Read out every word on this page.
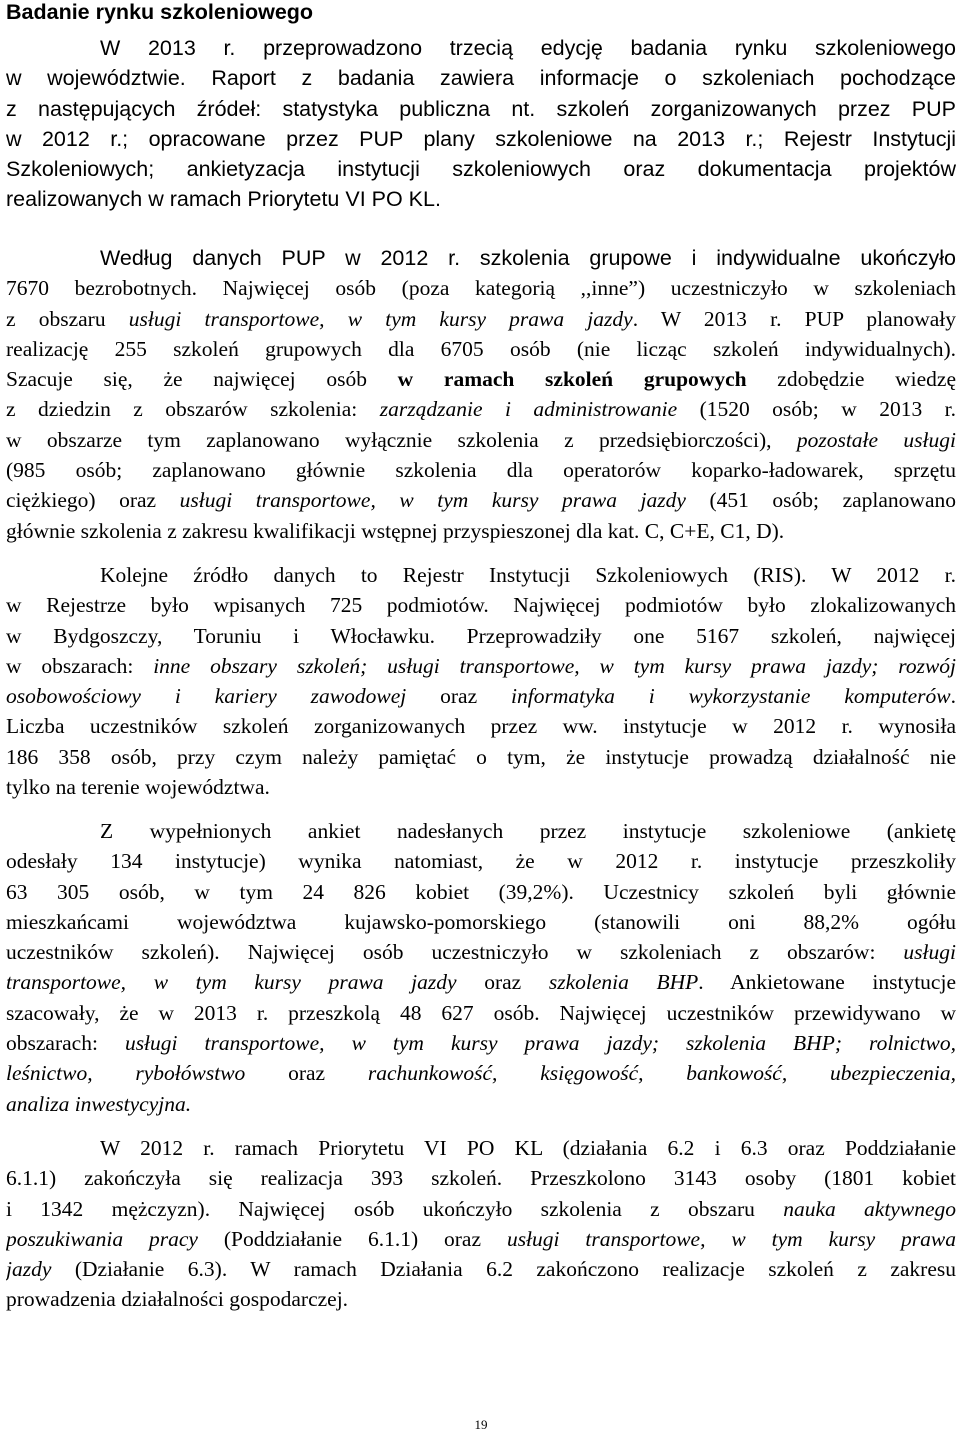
Badanie rynku szkoleniowego
W 2013 r. przeprowadzono trzecią edycję badania rynku szkoleniowego
w województwie. Raport z badania zawiera informacje o szkoleniach pochodzące
z następujących źródeł: statystyka publiczna nt. szkoleń zorganizowanych przez PUP
w 2012 r.; opracowane przez PUP plany szkoleniowe na 2013 r.; Rejestr Instytucji
Szkoleniowych; ankietyzacja instytucji szkoleniowych oraz dokumentacja projektów
realizowanych w ramach Priorytetu VI PO KL.
Według danych PUP w 2012 r. szkolenia grupowe i indywidualne ukończyło
7670 bezrobotnych. Najwięcej osób (poza kategorią ,,inne”) uczestniczyło w szkoleniach
z obszaru usługi transportowe, w tym kursy prawa jazdy. W 2013 r. PUP planowały
realizację 255 szkoleń grupowych dla 6705 osób (nie licząc szkoleń indywidualnych).
Szacuje się, że najwięcej osób w ramach szkoleń grupowych zdobędzie wiedzę
z dziedzin z obszarów szkolenia: zarządzanie i administrowanie (1520 osób; w 2013 r.
w obszarze tym zaplanowano wyłącznie szkolenia z przedsiębiorczości), pozostałe usługi
(985 osób; zaplanowano głównie szkolenia dla operatorów koparko-ładowarek, sprzętu
ciężkiego) oraz usługi transportowe, w tym kursy prawa jazdy (451 osób; zaplanowano
głównie szkolenia z zakresu kwalifikacji wstępnej przyspieszonej dla kat. C, C+E, C1, D).
Kolejne źródło danych to Rejestr Instytucji Szkoleniowych (RIS). W 2012 r.
w Rejestrze było wpisanych 725 podmiotów. Najwięcej podmiotów było zlokalizowanych
w Bydgoszczy, Toruniu i Włocławku. Przeprowadziły one 5167 szkoleń, najwięcej
w obszarach: inne obszary szkoleń; usługi transportowe, w tym kursy prawa jazdy; rozwój
osobowościowy i kariery zawodowej oraz informatyka i wykorzystanie komputerów.
Liczba uczestników szkoleń zorganizowanych przez ww. instytucje w 2012 r. wynosiła
186 358 osób, przy czym należy pamiętać o tym, że instytucje prowadzą działalność nie
tylko na terenie województwa.
Z wypełnionych ankiet nadesłanych przez instytucje szkoleniowe (ankietę
odesłały 134 instytucje) wynika natomiast, że w 2012 r. instytucje przeszkoliły
63 305 osób, w tym 24 826 kobiet (39,2%). Uczestnicy szkoleń byli głównie
mieszkańcami województwa kujawsko-pomorskiego (stanowili oni 88,2% ogółu
uczestników szkoleń). Najwięcej osób uczestniczyło w szkoleniach z obszarów: usługi
transportowe, w tym kursy prawa jazdy oraz szkolenia BHP. Ankietowane instytucje
szacowały, że w 2013 r. przeszkolą 48 627 osób. Najwięcej uczestników przewidywano w
obszarach: usługi transportowe, w tym kursy prawa jazdy; szkolenia BHP; rolnictwo,
leśnictwo, rybołówstwo oraz rachunkowość, księgowość, bankowość, ubezpieczenia,
analiza inwestycyjna.
W 2012 r. ramach Priorytetu VI PO KL (działania 6.2 i 6.3 oraz Poddziałanie
6.1.1) zakończyła się realizacja 393 szkoleń. Przeszkolono 3143 osoby (1801 kobiet
i 1342 mężczyzn). Najwięcej osób ukończyło szkolenia z obszaru nauka aktywnego
poszukiwania pracy (Poddziałanie 6.1.1) oraz usługi transportowe, w tym kursy prawa
jazdy (Działanie 6.3). W ramach Działania 6.2 zakończono realizacje szkoleń z zakresu
prowadzenia działalności gospodarczej.
19
